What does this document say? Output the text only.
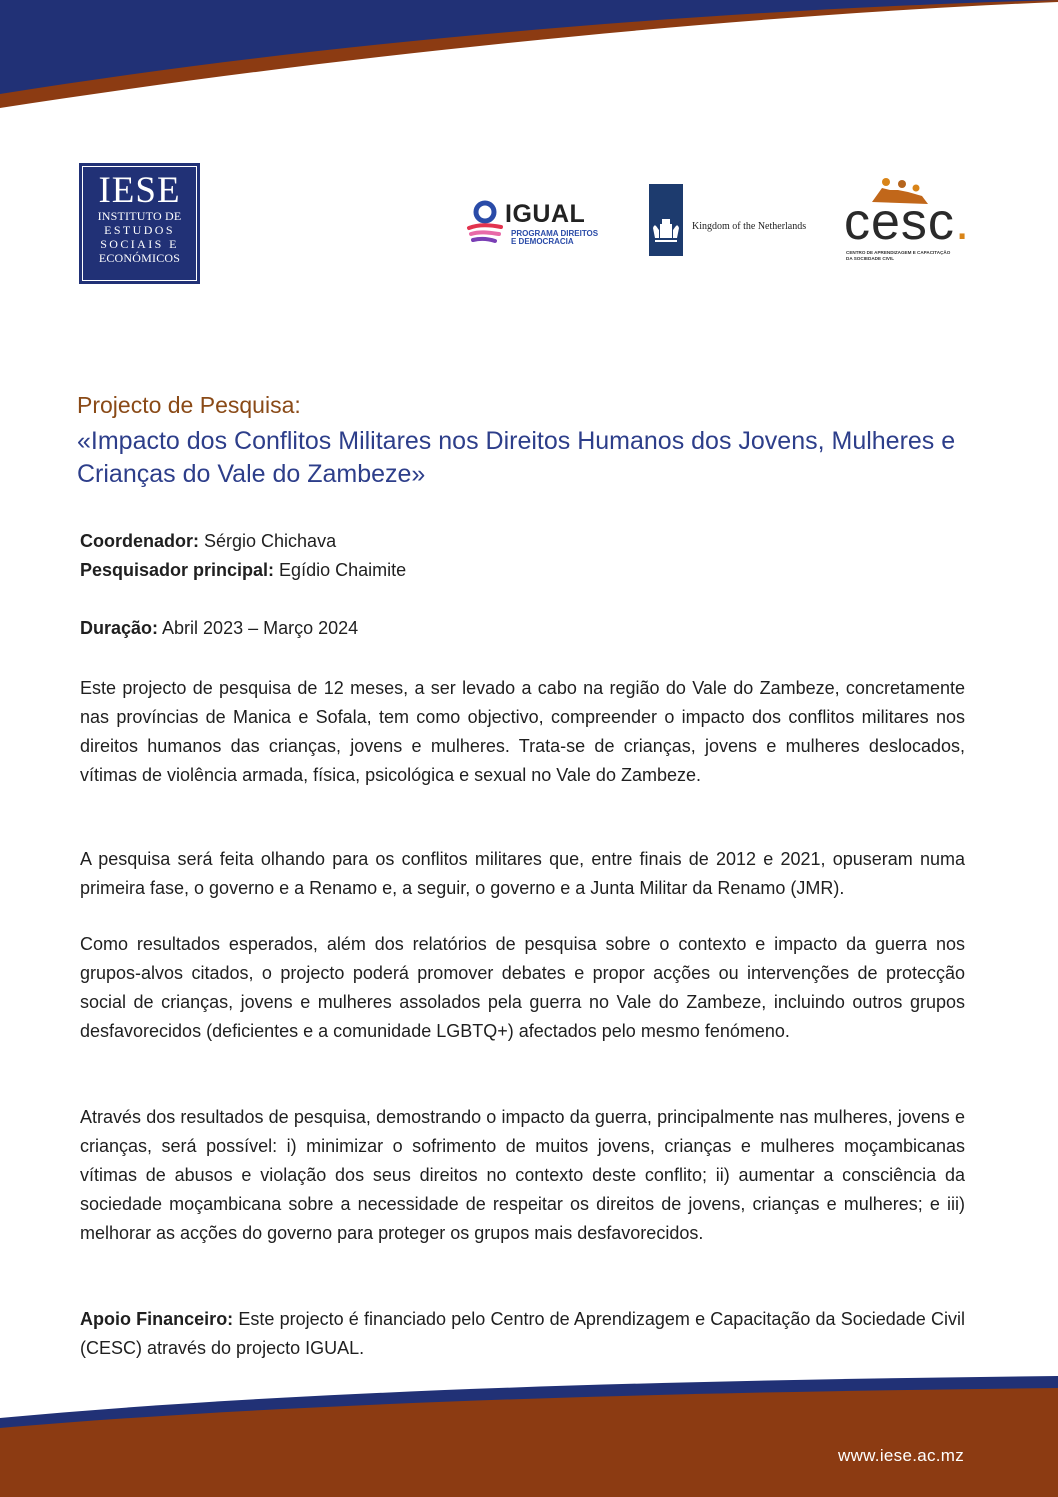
IESE
INSTITUTO DE
ESTUDOS
SOCIAIS E
ECONÓMICOS
IGUAL
PROGRAMA DIREITOS
E DEMOCRACIA
Kingdom of the Netherlands cesc.
CENTRO DE APRENDIZAGEM E CAPACITAÇÃO
DA SOCIEDADE CIVIL
Projecto de Pesquisa:
«Impacto dos Conflitos Militares nos Direitos Humanos dos Jovens, Mulheres e Crianças do Vale do Zambeze»
Coordenador: Sérgio Chichava
Pesquisador principal: Egídio Chaimite
Duração: Abril 2023 – Março 2024

Este projecto de pesquisa de 12 meses, a ser levado a cabo na região do Vale do Zambeze, concretamente nas províncias de Manica e Sofala, tem como objectivo, compreender o impacto dos conflitos militares nos direitos humanos das crianças, jovens e mulheres. Trata-se de crianças, jovens e mulheres deslocados, vítimas de violência armada, física, psicológica e sexual no Vale do Zambeze.

A pesquisa será feita olhando para os conflitos militares que, entre finais de 2012 e 2021, opuseram numa primeira fase, o governo e a Renamo e, a seguir, o governo e a Junta Militar da Renamo (JMR).

Como resultados esperados, além dos relatórios de pesquisa sobre o contexto e impacto da guerra nos grupos-alvos citados, o projecto poderá promover debates e propor acções ou intervenções de protecção social de crianças, jovens e mulheres assolados pela guerra no Vale do Zambeze, incluindo outros grupos desfavorecidos (deficientes e a comunidade LGBTQ+) afectados pelo mesmo fenómeno.

Através dos resultados de pesquisa, demostrando o impacto da guerra, principalmente nas mulheres, jovens e crianças, será possível: i) minimizar o sofrimento de muitos jovens, crianças e mulheres moçambicanas vítimas de abusos e violação dos seus direitos no contexto deste conflito; ii) aumentar a consciência da sociedade moçambicana sobre a necessidade de respeitar os direitos de jovens, crianças e mulheres; e iii) melhorar as acções do governo para proteger os grupos mais desfavorecidos.

Apoio Financeiro: Este projecto é financiado pelo Centro de Aprendizagem e Capacitação da Sociedade Civil (CESC) através do projecto IGUAL.

www.iese.ac.mz
